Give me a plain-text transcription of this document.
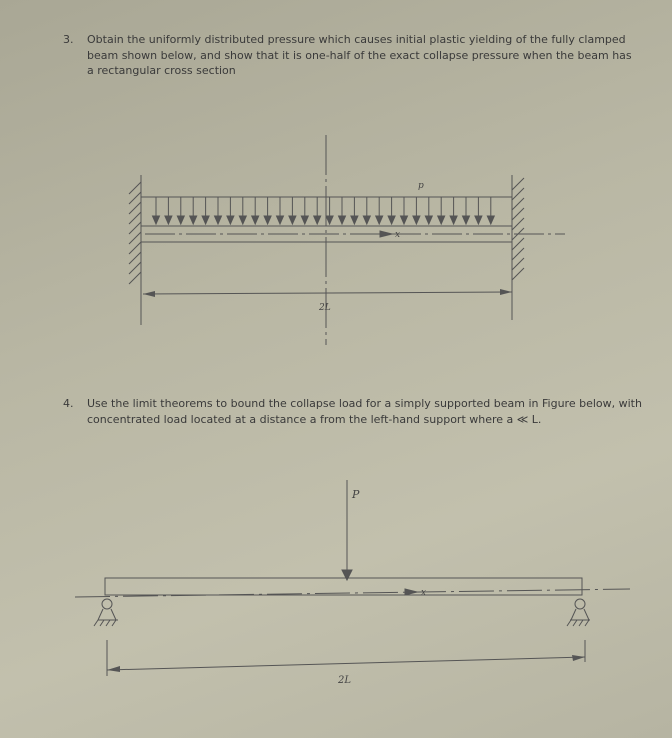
3. Obtain the uniformly distributed pressure which causes initial plastic yielding of the fully clamped beam shown below, and show that it is one-half of the exact collapse pressure when the beam has a rectangular cross section
p
x
2L
P
x
2L
4. Use the limit theorems to bound the collapse load for a simply supported beam in Figure below, with concentrated load located at a distance a from the left-hand support where a ≪ L.
